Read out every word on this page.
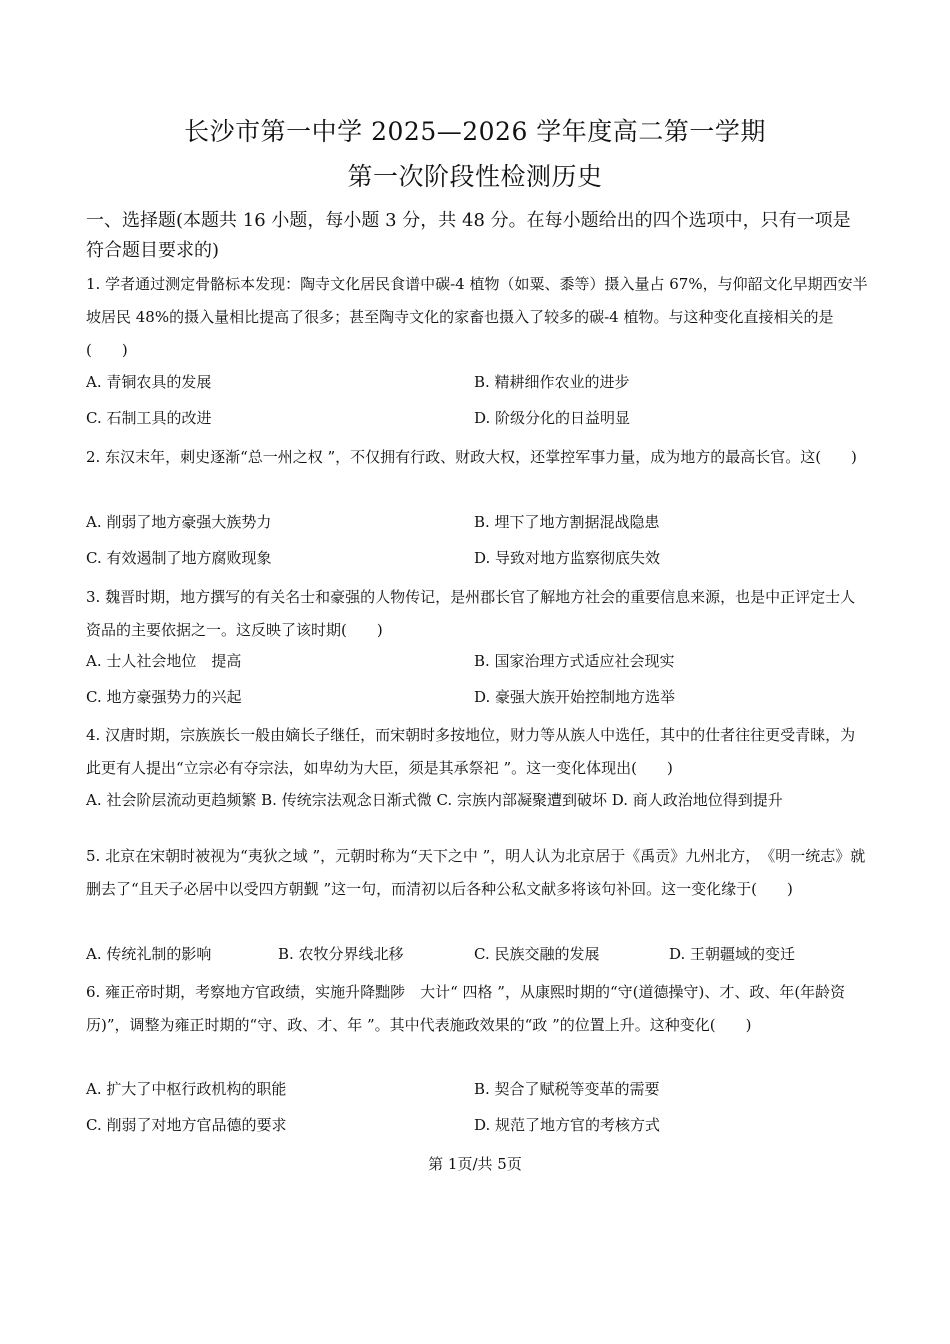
长沙市第一中学 2025—2026 学年度高二第一学期
第一次阶段性检测历史
一、选择题(本题共 16 小题，每小题 3 分，共 48 分。在每小题给出的四个选项中，只有一项是符合题目要求的)
1. 学者通过测定骨骼标本发现：陶寺文化居民食谱中碳-4 植物（如粟、黍等）摄入量占 67%，与仰韶文化早期西安半坡居民 48%的摄入量相比提高了很多；甚至陶寺文化的家畜也摄入了较多的碳-4 植物。与这种变化直接相关的是(　　)
A. 青铜农具的发展	B. 精耕细作农业的进步
C. 石制工具的改进	D. 阶级分化的日益明显
2. 东汉末年，刺史逐渐“总一州之权 ”，不仅拥有行政、财政大权，还掌控军事力量，成为地方的最高长官。这(　　)
A. 削弱了地方豪强大族势力	B. 埋下了地方割据混战隐患
C. 有效遏制了地方腐败现象	D. 导致对地方监察彻底失效
3. 魏晋时期，地方撰写的有关名士和豪强的人物传记，是州郡长官了解地方社会的重要信息来源，也是中正评定士人资品的主要依据之一。这反映了该时期(　　)
A. 士人社会地位　提高	B. 国家治理方式适应社会现实
C. 地方豪强势力的兴起	D. 豪强大族开始控制地方选举
4. 汉唐时期，宗族族长一般由嫡长子继任，而宋朝时多按地位，财力等从族人中选任，其中的仕者往往更受青睐，为此更有人提出“立宗必有夺宗法，如卑幼为大臣，须是其承祭祀 ”。这一变化体现出(　　)
A. 社会阶层流动更趋频繁 B. 传统宗法观念日渐式微 C. 宗族内部凝聚遭到破坏 D. 商人政治地位得到提升
5. 北京在宋朝时被视为“夷狄之域 ”，元朝时称为“天下之中 ”，明人认为北京居于《禹贡》九州北方，　《明一统志》就删去了“且天子必居中以受四方朝觐 ”这一句，而清初以后各种公私文献多将该句补回。这一变化缘于(　　)
A. 传统礼制的影响	B. 农牧分界线北移	C. 民族交融的发展	D. 王朝疆域的变迁
6. 雍正帝时期，考察地方官政绩，实施升降黜陟　大计“ 四格 ”，从康熙时期的“守(道德操守)、才、政、年(年龄资历)”，调整为雍正时期的“守、政、才、年 ”。其中代表施政效果的“政 ”的位置上升。这种变化(　　)
A. 扩大了中枢行政机构的职能	B. 契合了赋税等变革的需要
C. 削弱了对地方官品德的要求	D. 规范了地方官的考核方式
第 1页/共 5页
